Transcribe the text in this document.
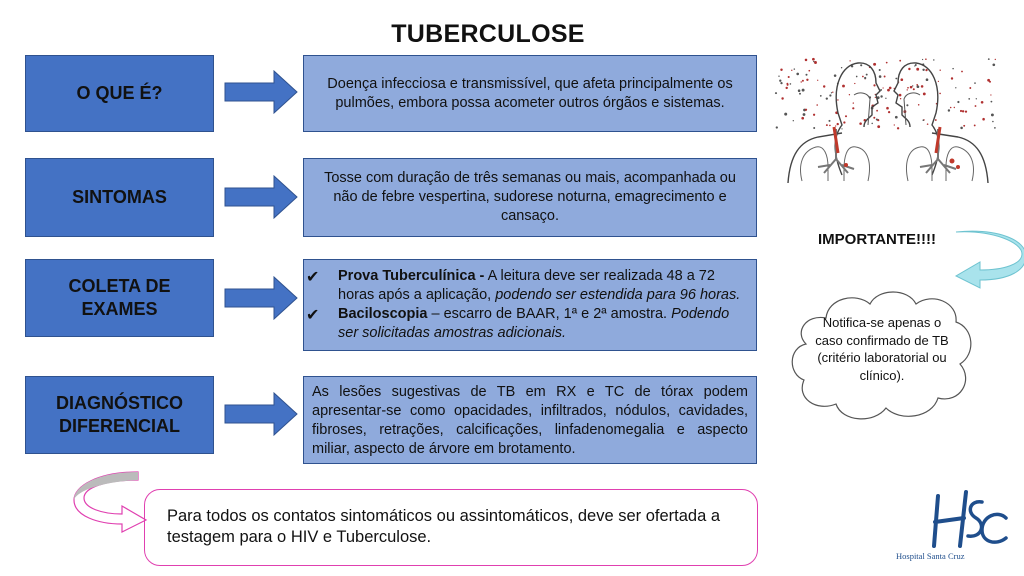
TUBERCULOSE
O QUE É?	Doença infecciosa e transmissível, que afeta principalmente os pulmões, embora possa acometer outros órgãos e sistemas.
SINTOMAS
Tosse com duração de três semanas ou mais, acompanhada ou não de febre vespertina, sudorese noturna, emagrecimento e cansaço.
COLETA DE EXAMES
✔ Prova Tuberculínica - A leitura deve ser realizada 48 a 72 horas após a aplicação, podendo ser estendida para 96 horas.
✔ Baciloscopia – escarro de BAAR, 1ª e 2ª amostra. Podendo ser solicitadas amostras adicionais.
DIAGNÓSTICO DIFERENCIAL
As lesões sugestivas de TB em RX e TC de tórax podem apresentar-se como opacidades, infiltrados, nódulos, cavidades, fibroses, retrações, calcificações, linfadenomegalia e aspecto miliar, aspecto de árvore em brotamento.
IMPORTANTE!!!!
Notifica-se apenas o caso confirmado de TB (critério laboratorial ou clínico).
Para todos os contatos sintomáticos ou assintomáticos, deve ser ofertada a testagem para o HIV e Tuberculose.
Hospital Santa Cruz
